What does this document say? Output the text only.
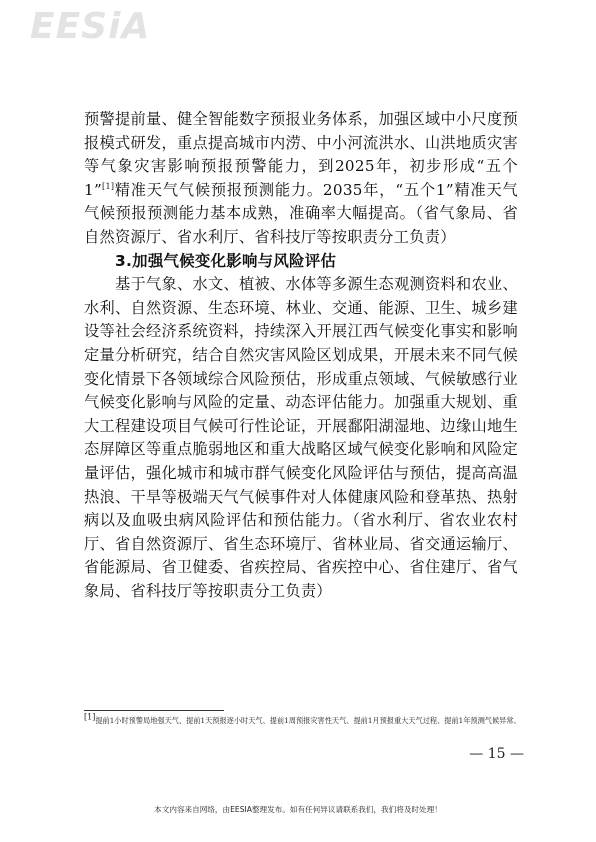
EESiA

预警提前量、健全智能数字预报业务体系，加强区域中小尺度预报模式研发，重点提高城市内涝、中小河流洪水、山洪地质灾害等气象灾害影响预报预警能力，到2025年，初步形成“五个1”[1]精准天气气候预报预测能力。2035年，“五个1”精准天气气候预报预测能力基本成熟，准确率大幅提高。（省气象局、省自然资源厅、省水利厅、省科技厅等按职责分工负责）

3.加强气候变化影响与风险评估

基于气象、水文、植被、水体等多源生态观测资料和农业、水利、自然资源、生态环境、林业、交通、能源、卫生、城乡建设等社会经济系统资料，持续深入开展江西气候变化事实和影响定量分析研究，结合自然灾害风险区划成果，开展未来不同气候变化情景下各领域综合风险预估，形成重点领域、气候敏感行业气候变化影响与风险的定量、动态评估能力。加强重大规划、重大工程建设项目气候可行性论证，开展鄱阳湖湿地、边缘山地生态屏障区等重点脆弱地区和重大战略区域气候变化影响和风险定量评估，强化城市和城市群气候变化风险评估与预估，提高高温热浪、干旱等极端天气气候事件对人体健康风险和登革热、热射病以及血吸虫病风险评估和预估能力。（省水利厅、省农业农村厅、省自然资源厅、省生态环境厅、省林业局、省交通运输厅、省能源局、省卫健委、省疾控局、省疾控中心、省住建厅、省气象局、省科技厅等按职责分工负责）

[1]提前1小时预警局地强天气、提前1天预报逐小时天气、提前1周预报灾害性天气、提前1月预报重大天气过程、提前1年预测气候异常。
— 15 —
本文内容来自网络，由EESIA整理发布。如有任何异议请联系我们，我们将及时处理！
